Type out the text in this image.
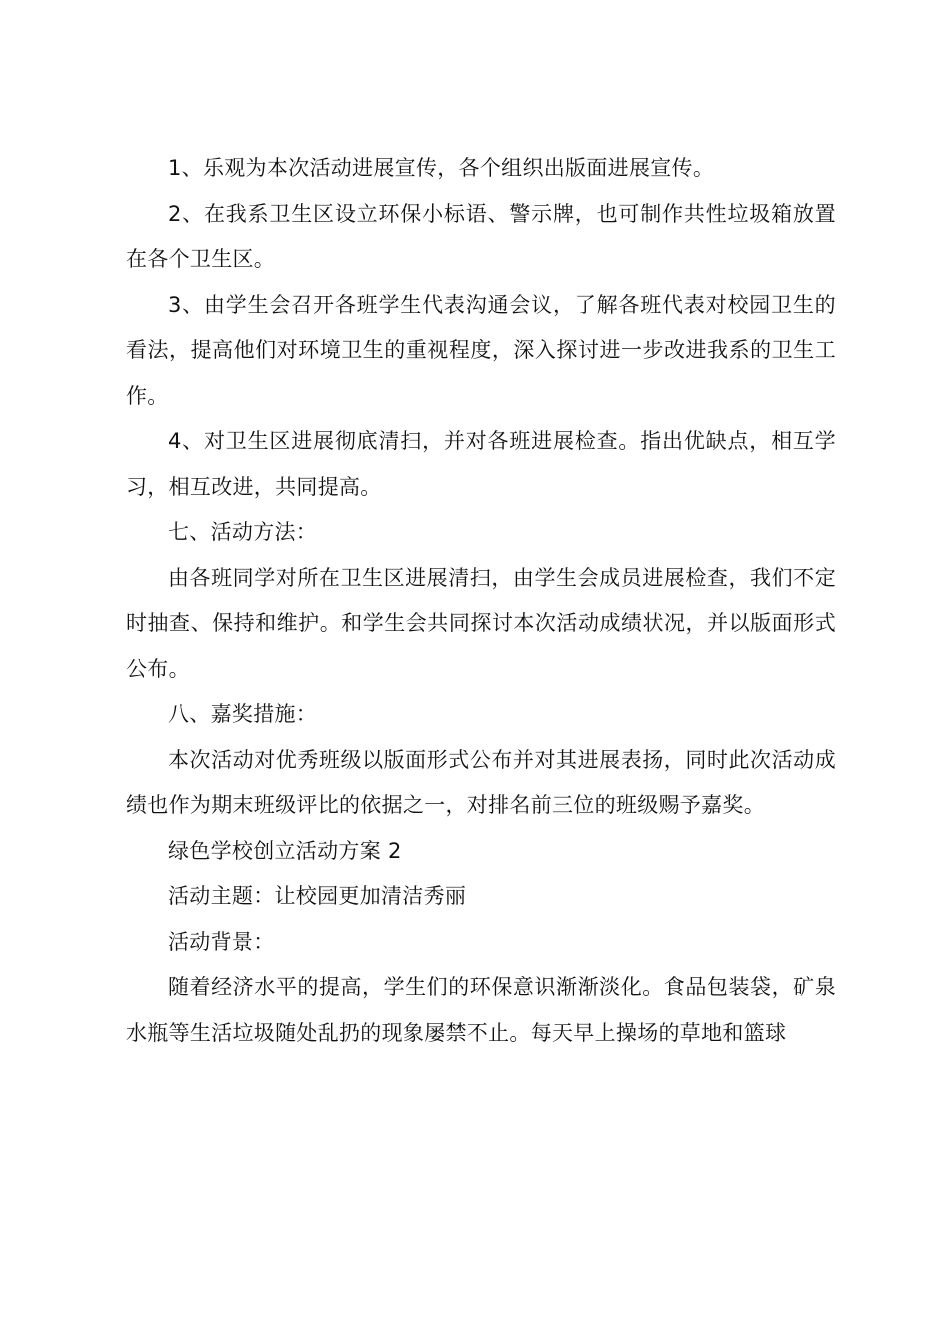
1、乐观为本次活动进展宣传，各个组织出版面进展宣传。

2、在我系卫生区设立环保小标语、警示牌，也可制作共性垃圾箱放置在各个卫生区。

3、由学生会召开各班学生代表沟通会议，了解各班代表对校园卫生的看法，提高他们对环境卫生的重视程度，深入探讨进一步改进我系的卫生工作。

4、对卫生区进展彻底清扫，并对各班进展检查。指出优缺点，相互学习，相互改进，共同提高。

七、活动方法：

由各班同学对所在卫生区进展清扫，由学生会成员进展检查，我们不定时抽查、保持和维护。和学生会共同探讨本次活动成绩状况，并以版面形式公布。

八、嘉奖措施：

本次活动对优秀班级以版面形式公布并对其进展表扬，同时此次活动成绩也作为期末班级评比的依据之一，对排名前三位的班级赐予嘉奖。

绿色学校创立活动方案 2

活动主题：让校园更加清洁秀丽

活动背景：

随着经济水平的提高，学生们的环保意识渐渐淡化。食品包装袋，矿泉水瓶等生活垃圾随处乱扔的现象屡禁不止。每天早上操场的草地和篮球
